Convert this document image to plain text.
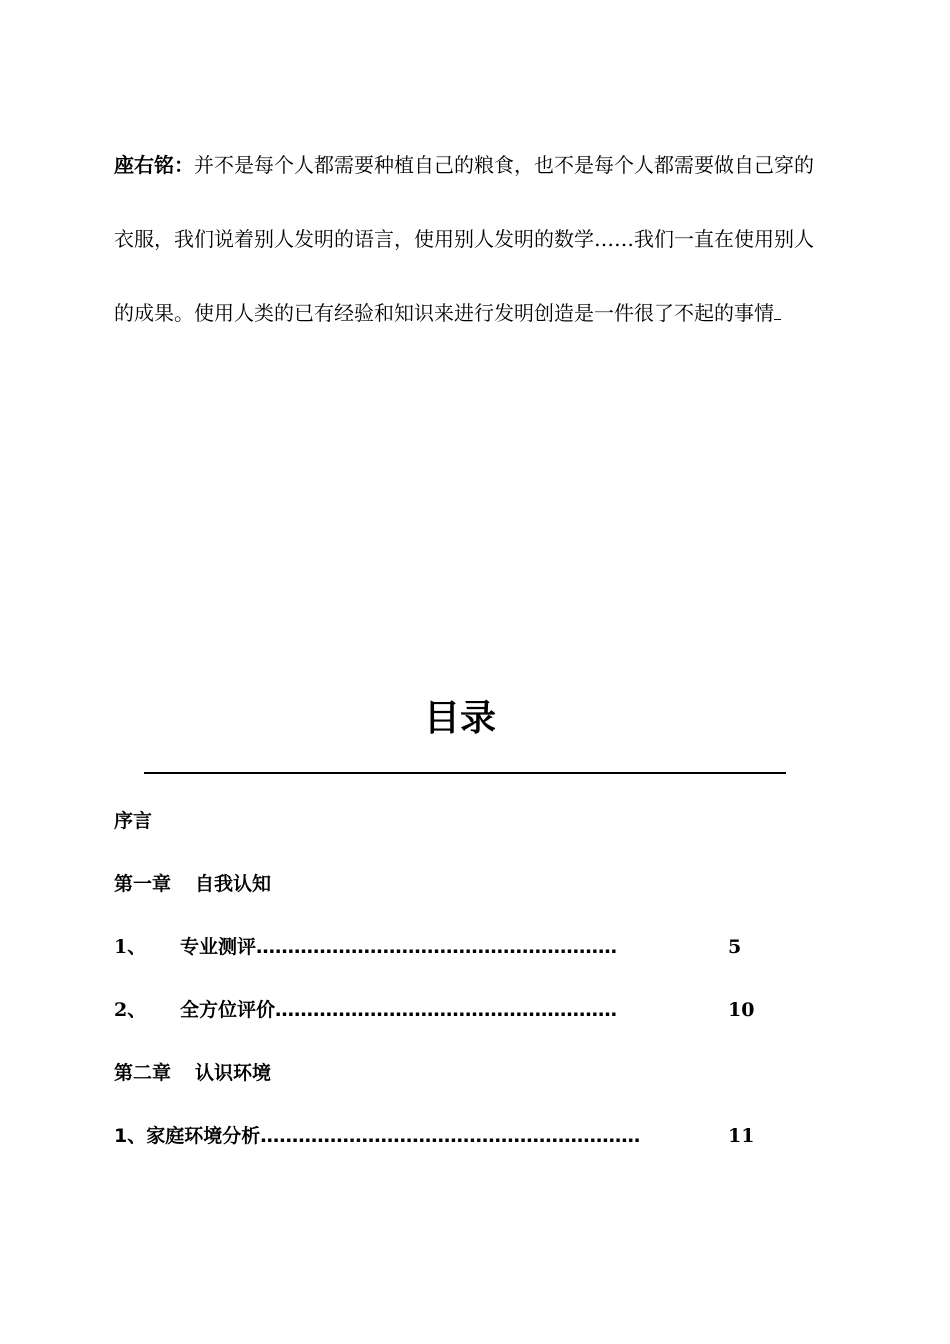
座右铭：并不是每个人都需要种植自己的粮食，也不是每个人都需要做自己穿的衣服，我们说着别人发明的语言，使用别人发明的数学……我们一直在使用别人的成果。使用人类的已有经验和知识来进行发明创造是一件很了不起的事情

目录
序言
第一章 自我认知
1、 专业测评…………………………………………………	5
2、 全方位评价………………………………………………	10
第二章 认识环境
1、家庭环境分析……………………………………………………	11
